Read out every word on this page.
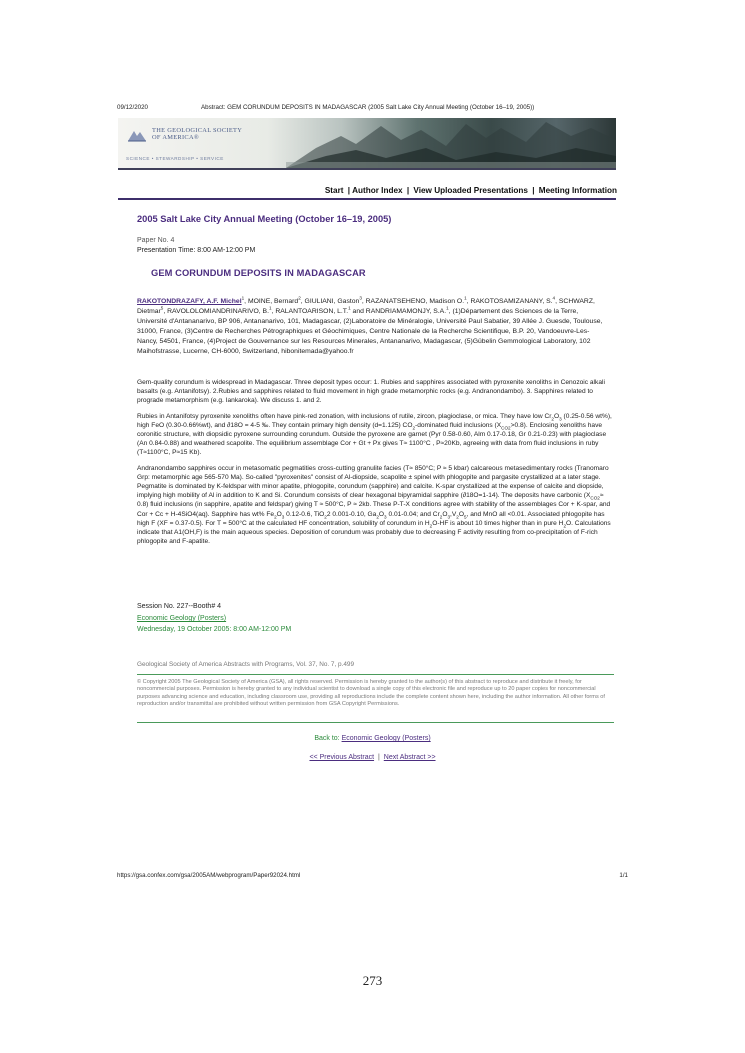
09/12/2020	Abstract: GEM CORUNDUM DEPOSITS IN MADAGASCAR (2005 Salt Lake City Annual Meeting (October 16–19, 2005))
THE GEOLOGICAL SOCIETY
OF AMERICA®
SCIENCE • STEWARDSHIP • SERVICE
Start | Author Index | View Uploaded Presentations | Meeting Information
2005 Salt Lake City Annual Meeting (October 16–19, 2005)
Paper No. 4
Presentation Time: 8:00 AM-12:00 PM
GEM CORUNDUM DEPOSITS IN MADAGASCAR
RAKOTONDRAZAFY, A.F. Michel$^1$, MOINE, Bernard$^2$, GIULIANI, Gaston$^3$, RAZANATSEHENO, Madison O.$^1$, RAKOTOSAMIZANANY, S.$^4$, SCHWARZ, Dietmar$^5$, RAVOLOLOMIANDRINARIVO, B.$^1$, RALANTOARISON, L.T.$^1$ and RANDRIAMAMONJY, S.A.$^1$, (1)Département des Sciences de la Terre, Université d'Antananarivo, BP 906, Antananarivo, 101, Madagascar, (2)Laboratoire de Minéralogie, Université Paul Sabatier, 39 Allée J. Guesde, Toulouse, 31000, France, (3)Centre de Recherches Pétrographiques et Géochimiques, Centre Nationale de la Recherche Scientifique, B.P. 20, Vandoeuvre-Les-Nancy, 54501, France, (4)Project de Gouvernance sur les Resources Minerales, Antananarivo, Madagascar, (5)Gübelin Gemmological Laboratory, 102 Maihofstrasse, Lucerne, CH-6000, Switzerland, hibonitemada@yahoo.fr

Gem-quality corundum is widespread in Madagascar. Three deposit types occur: 1. Rubies and sapphires associated with pyroxenite xenoliths in Cenozoic alkali basalts (e.g. Antanifotsy). 2.Rubies and sapphires related to fluid movement in high grade metamorphic rocks (e.g. Andranondambo). 3. Sapphires related to prograde metamorphism (e.g. Iankaroka). We discuss 1. and 2.

Rubies in Antanifotsy pyroxenite xenoliths often have pink-red zonation, with inclusions of rutile, zircon, plagioclase, or mica. They have low $Cr_2O_3$ (0.25-0.56 wt%), high FeO (0.30-0.66%wt), and ∂18O = 4-5 ‰. They contain primary high density (d=1.125) $CO_2$-dominated fluid inclusions $(X_{CO2}>0.8)$. Enclosing xenoliths have coronitic structure, with diopsidic pyroxene surrounding corundum. Outside the pyroxene are garnet (Pyr 0.58-0.60, Alm 0.17-0.18, Gr 0.21-0.23) with plagioclase (An 0.84-0.88) and weathered scapolite. The equilibrium assemblage Cor + Gt + Px gives T≈ 1100°C , P≈20Kb, agreeing with data from fluid inclusions in ruby (T≈1100°C, P≈15 Kb).

Andranondambo sapphires occur in metasomatic pegmatities cross-cutting granulite facies (T≈ 850°C; P ≈ 5 kbar) calcareous metasedimentary rocks (Tranomaro Grp: metamorphic age 565-570 Ma). So-called "pyroxenites" consist of Al-diopside, scapolite ± spinel with phlogopite and pargasite crystallized at a later stage. Pegmatite is dominated by K-feldspar with minor apatite, phlogopite, corundum (sapphire) and calcite. K-spar crystallized at the expense of calcite and diopside, implying high mobility of Al in addition to K and Si. Corundum consists of clear hexagonal bipyramidal sapphire (∂18O=1-14). The deposits have carbonic $(X_{CO2}\approx 0.8)$ fluid inclusions (in sapphire, apatite and feldspar) giving T ≈ 500°C, P ≈ 2kb. These P-T-X conditions agree with stability of the assemblages Cor + K-spar, and Cor + Cc + H-4SiO4(aq). Sapphire has wt% $Fe_2O_3$ 0.12-0.6, TiO$_2$2 0.001-0.10, $Ga_2O_3$ 0.01-0.04; and $Cr_2O_3,V_2O_5$, and MnO all <0.01. Associated phlogopite has high F (XF = 0.37-0.5). For T = 500°C at the calculated HF concentration, solubility of corundum in $H_2O-HF$ is about 10 times higher than in pure $H_2O$. Calculations indicate that A1(OH,F) is the main aqueous species. Deposition of corundum was probably due to decreasing F activity resulting from co-precipitation of F-rich phlogopite and F-apatite.

Session No. 227--Booth# 4
Economic Geology (Posters)
Wednesday, 19 October 2005: 8:00 AM-12:00 PM
Geological Society of America Abstracts with Programs, Vol. 37, No. 7, p.499
© Copyright 2005 The Geological Society of America (GSA), all rights reserved. Permission is hereby granted to the author(s) of this abstract to reproduce and distribute it freely, for noncommercial purposes. Permission is hereby granted to any individual scientist to download a single copy of this electronic file and reproduce up to 20 paper copies for noncommercial purposes advancing science and education, including classroom use, providing all reproductions include the complete content shown here, including the author information. All other forms of reproduction and/or transmittal are prohibited without written permission from GSA Copyright Permissions.
Back to: Economic Geology (Posters)
<< Previous Abstract | Next Abstract >>
https://gsa.confex.com/gsa/2005AM/webprogram/Paper92024.html	1/1
273
